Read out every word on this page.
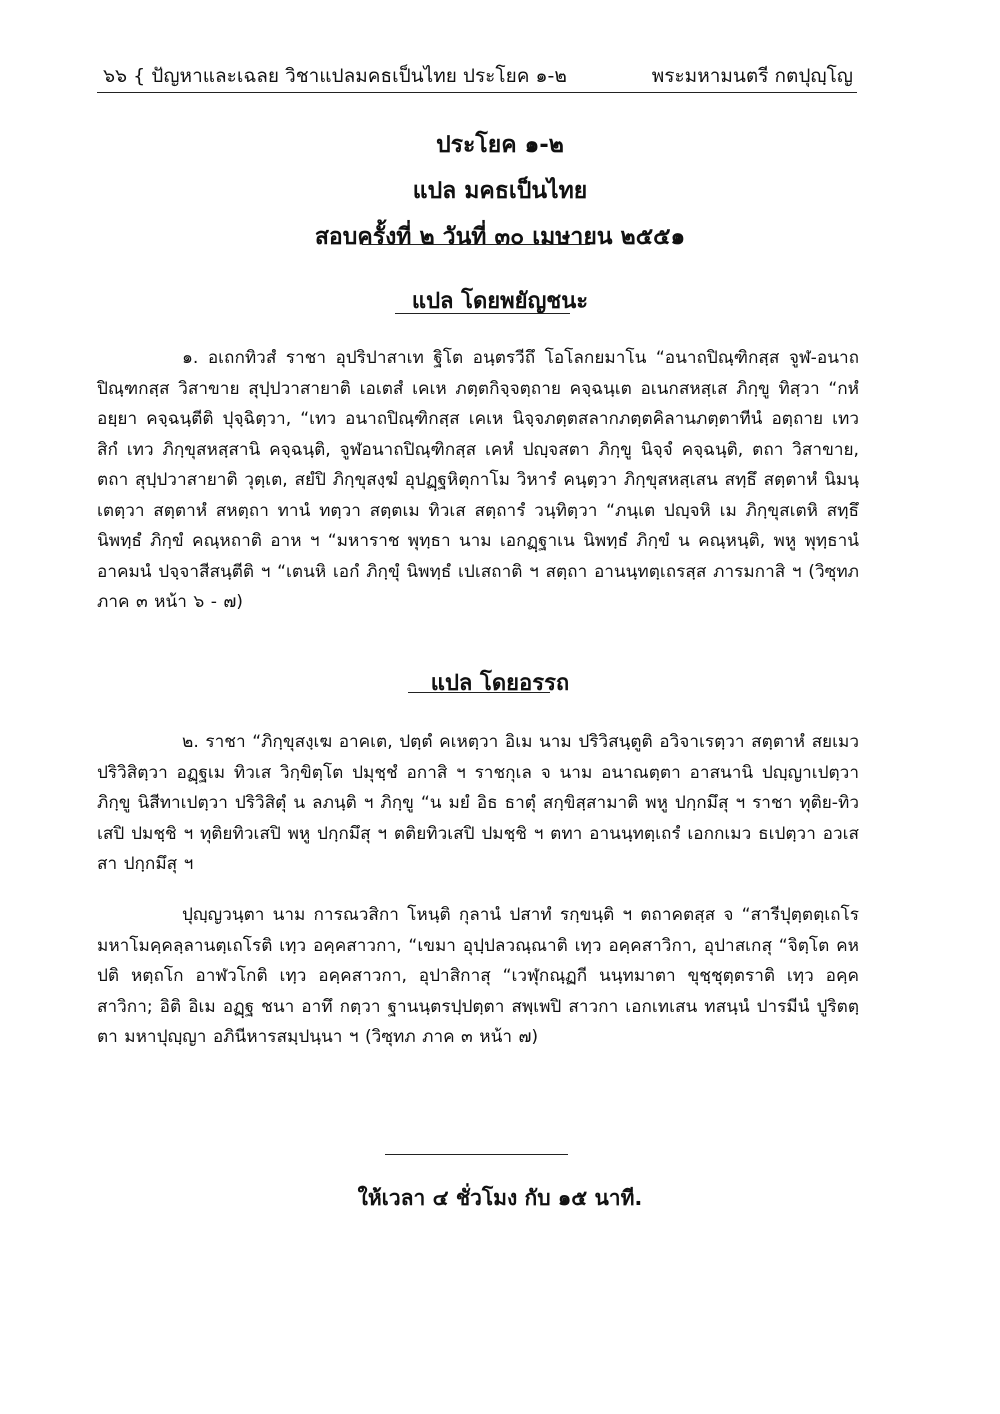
๖๖ { ปัญหาและเฉลย วิชาแปลมคธเป็นไทย ประโยค ๑-๒	พระมหามนตรี กตปุญฺโญ
ประโยค ๑-๒
แปล มคธเป็นไทย
สอบครั้งที่ ๒ วันที่ ๓๐ เมษายน ๒๕๕๑
แปล โดยพยัญชนะ
๑. อเถกทิวสํ ราชา อุปริปาสาเท ฐิโต อนฺตรวีถึ โอโลกยมาโน “อนาถปิณฺฑิกสฺส จูฬ-อนาถปิณฺฑกสฺส วิสาขาย สุปฺปวาสายาติ เอเตสํ เคเห ภตฺตกิจฺจตฺถาย คจฺฉนฺเต อเนกสหสฺเส ภิกฺขู ทิสฺวา “กหํ อยฺยา คจฺฉนฺตีติ ปุจฺฉิตฺวา, “เทว อนาถปิณฺฑิกสฺส เคเห นิจฺจภตฺตสลากภตฺตคิลานภตฺตาทีนํ อตฺถาย เทวสิกํ เทว ภิกฺขุสหสฺสานิ คจฺฉนฺติ, จูฬอนาถปิณฺฑิกสฺส เคหํ ปญฺจสตา ภิกฺขู นิจฺจํ คจฺฉนฺติ, ตถา วิสาขาย, ตถา สุปฺปวาสายาติ วุตฺเต, สยํปิ ภิกฺขุสงฺฆํ อุปฏฺฐหิตุกาโม วิหารํ คนฺตฺวา ภิกฺขุสหสฺเสน สทฺธึ สตฺตาหํ นิมนฺเตตฺวา สตฺตาหํ สหตฺถา ทานํ ทตฺวา สตฺตเม ทิวเส สตฺถารํ วนฺทิตฺวา “ภนฺเต ปญฺจหิ เม ภิกฺขุสเตหิ สทฺธึ นิพทฺธํ ภิกฺขํ คณฺหถาติ อาห ฯ “มหาราช พุทฺธา นาม เอกฏฺฐาเน นิพทฺธํ ภิกฺขํ น คณฺหนฺติ, พหู พุทฺธานํ อาคมนํ ปจฺจาสีสนฺตีติ ฯ “เตนหิ เอกํ ภิกฺขุํ นิพทฺธํ เปเสถาติ ฯ สตฺถา อานนฺทตฺเถรสฺส ภารมกาสิ ฯ (วิซุทภ ภาค ๓ หน้า ๖ - ๗)
แปล โดยอรรถ
๒. ราชา “ภิกฺขุสงฺเฆ อาคเต, ปตฺตํ คเหตฺวา อิเม นาม ปริวิสนฺตูติ อวิจาเรตฺวา สตฺตาหํ สยเมว ปริวิสิตฺวา อฏฺฐเม ทิวเส วิกฺขิตฺโต ปมุชฺชํ อกาสิ ฯ ราชกุเล จ นาม อนาณตฺตา อาสนานิ ปญฺญาเปตฺวา ภิกฺขู นิสีทาเปตฺวา ปริวิสิตุํ น ลภนฺติ ฯ ภิกฺขู “น มยํ อิธ ธาตุํ สกฺขิสฺสามาติ พหู ปกฺกมึสุ ฯ ราชา ทุติย-ทิวเสปิ ปมชฺชิ ฯ ทุติยทิวเสปิ พหู ปกฺกมึสุ ฯ ตติยทิวเสปิ ปมชฺชิ ฯ ตทา อานนฺทตฺเถรํ เอกกเมว ธเปตฺวา อวเสสา ปกฺกมึสุ ฯ
ปุญฺญวนฺตา นาม การณวสิกา โหนฺติ กุลานํ ปสาทํ รกฺขนฺติ ฯ ตถาคตสฺส จ “สารีปุตฺตตฺเถโร มหาโมคฺคลฺลานตฺเถโรติ เทฺว อคฺคสาวกา, “เขมา อุปฺปลวณฺณาติ เทฺว อคฺคสาวิกา, อุปาสเกสุ “จิตฺโต คหปติ หตฺถโก อาฬวโกติ เทฺว อคฺคสาวกา, อุปาสิกาสุ “เวฬุกณฺฏกี นนฺทมาตา ขุชฺชุตฺตราติ เทฺว อคฺคสาวิกา; อิติ อิเม อฏฺฐ ชนา อาทึ กตฺวา ฐานนฺตรปฺปตฺตา สพฺเพปิ สาวกา เอกเทเสน ทสนฺนํ ปารมีนํ ปูริตตฺตา มหาปุญฺญา อภินีหารสมฺปนฺนา ฯ (วิซุทภ ภาค ๓ หน้า ๗)
ให้เวลา ๔ ชั่วโมง กับ ๑๕ นาที.
